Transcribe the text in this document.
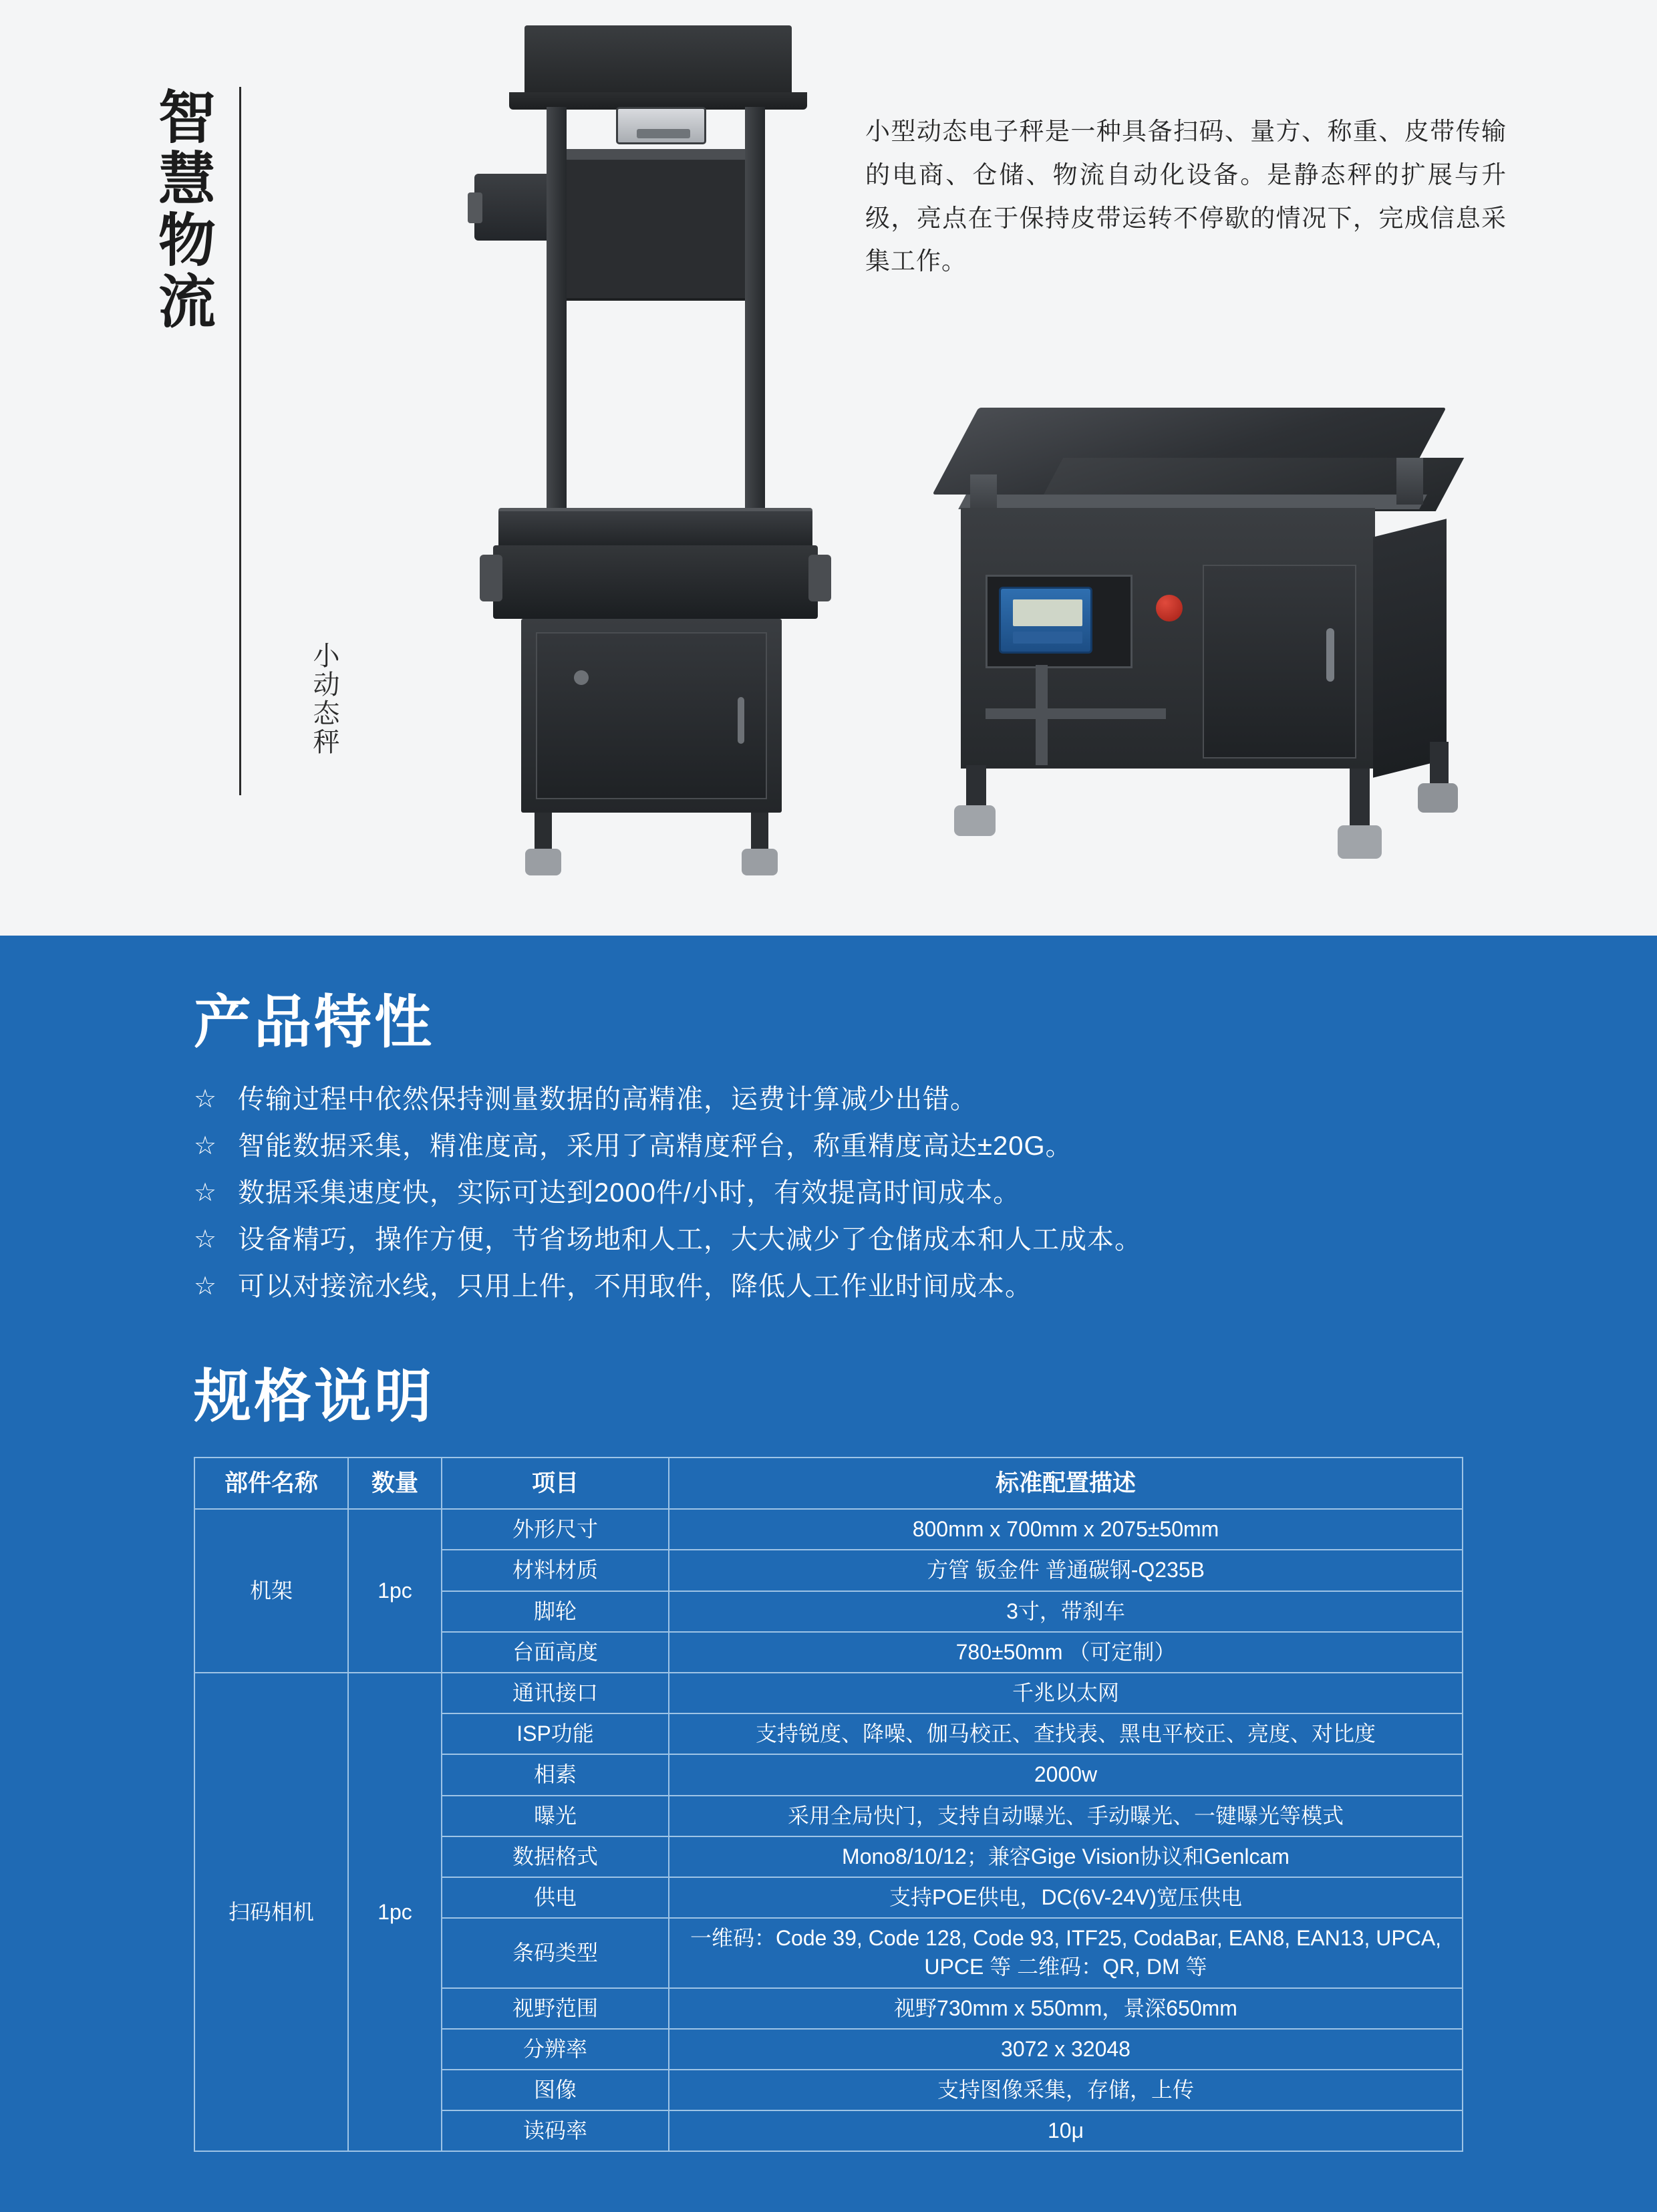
智慧物流
小动态秤
小型动态电子秤是一种具备扫码、量方、称重、皮带传输的电商、仓储、物流自动化设备。是静态秤的扩展与升级，亮点在于保持皮带运转不停歇的情况下，完成信息采集工作。
产品特性
☆ 传输过程中依然保持测量数据的高精准，运费计算减少出错。
☆ 智能数据采集，精准度高，采用了高精度秤台，称重精度高达±20G。
☆ 数据采集速度快，实际可达到2000件/小时，有效提高时间成本。
☆ 设备精巧，操作方便，节省场地和人工，大大减少了仓储成本和人工成本。
☆ 可以对接流水线，只用上件，不用取件，降低人工作业时间成本。
规格说明
部件名称	数量	项目	标准配置描述
机架	1pc	外形尺寸	800mm x 700mm x 2075±50mm
		材料材质	方管 钣金件 普通碳钢-Q235B
		脚轮	3寸，带刹车
		台面高度	780±50mm （可定制）
扫码相机	1pc	通讯接口	千兆以太网
		ISP功能	支持锐度、降噪、伽马校正、查找表、黑电平校正、亮度、对比度
		相素	2000w
		曝光	采用全局快门，支持自动曝光、手动曝光、一键曝光等模式
		数据格式	Mono8/10/12；兼容Gige Vision协议和Genlcam
		供电	支持POE供电，DC(6V-24V)宽压供电
		条码类型	一维码：Code 39, Code 128, Code 93, ITF25, CodaBar, EAN8, EAN13, UPCA, UPCE 等 二维码：QR, DM 等
		视野范围	视野730mm x 550mm，景深650mm
		分辨率	3072 x 32048
		图像	支持图像采集，存储，上传
		读码率	10μ
